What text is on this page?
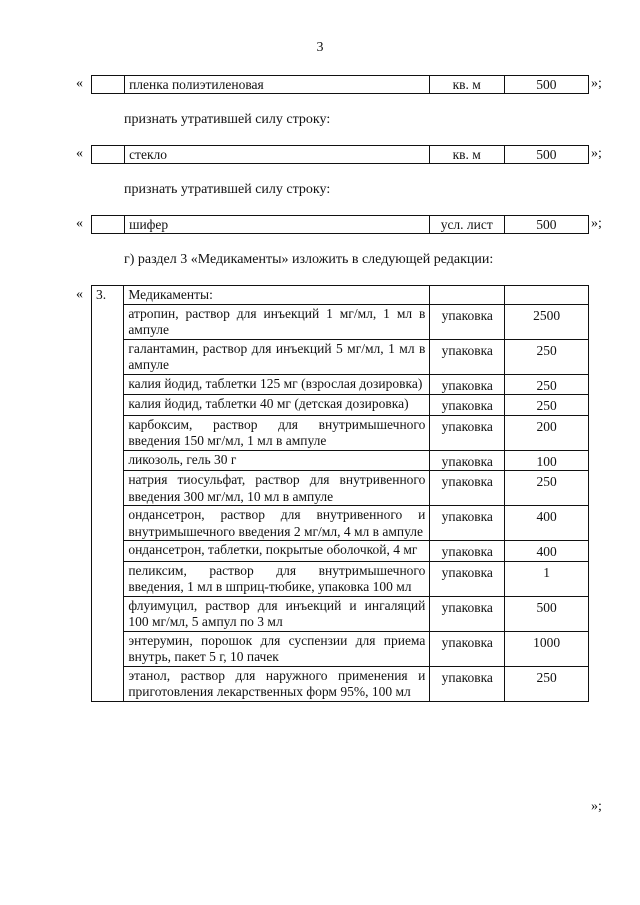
3
«
		пленка полиэтиленовая	кв. м	500 »;
признать утратившей силу строку:
«
		стекло	кв. м	500 »;
признать утратившей силу строку:
«
		шифер	усл. лист	500 »;
г) раздел 3 «Медикаменты» изложить в следующей редакции:
« 3.	Медикаменты:		
	атропин, раствор для инъекций 1 мг/мл, 1 мл в ампуле	упаковка	2500
	галантамин, раствор для инъекций 5 мг/мл, 1 мл в ампуле	упаковка	250
	калия йодид, таблетки 125 мг (взрослая дозировка)	упаковка	250
	калия йодид, таблетки 40 мг (детская дозировка)	упаковка	250
	карбоксим, раствор для внутримышечного введения 150 мг/мл, 1 мл в ампуле	упаковка	200
	ликозоль, гель 30 г	упаковка	100
	натрия тиосульфат, раствор для внутривенного введения 300 мг/мл, 10 мл в ампуле	упаковка	250
	ондансетрон, раствор для внутривенного и внутримышечного введения 2 мг/мл, 4 мл в ампуле	упаковка	400
	ондансетрон, таблетки, покрытые оболочкой, 4 мг	упаковка	400
	пеликсим, раствор для внутримышечного введения, 1 мл в шприц-тюбике, упаковка 100 мл	упаковка	1
	флуимуцил, раствор для инъекций и ингаляций 100 мг/мл, 5 ампул по 3 мл	упаковка	500
	энтерумин, порошок для суспензии для приема внутрь, пакет 5 г, 10 пачек	упаковка	1000
	этанол, раствор для наружного применения и приготовления лекарственных форм 95%, 100 мл	упаковка	250
»;
